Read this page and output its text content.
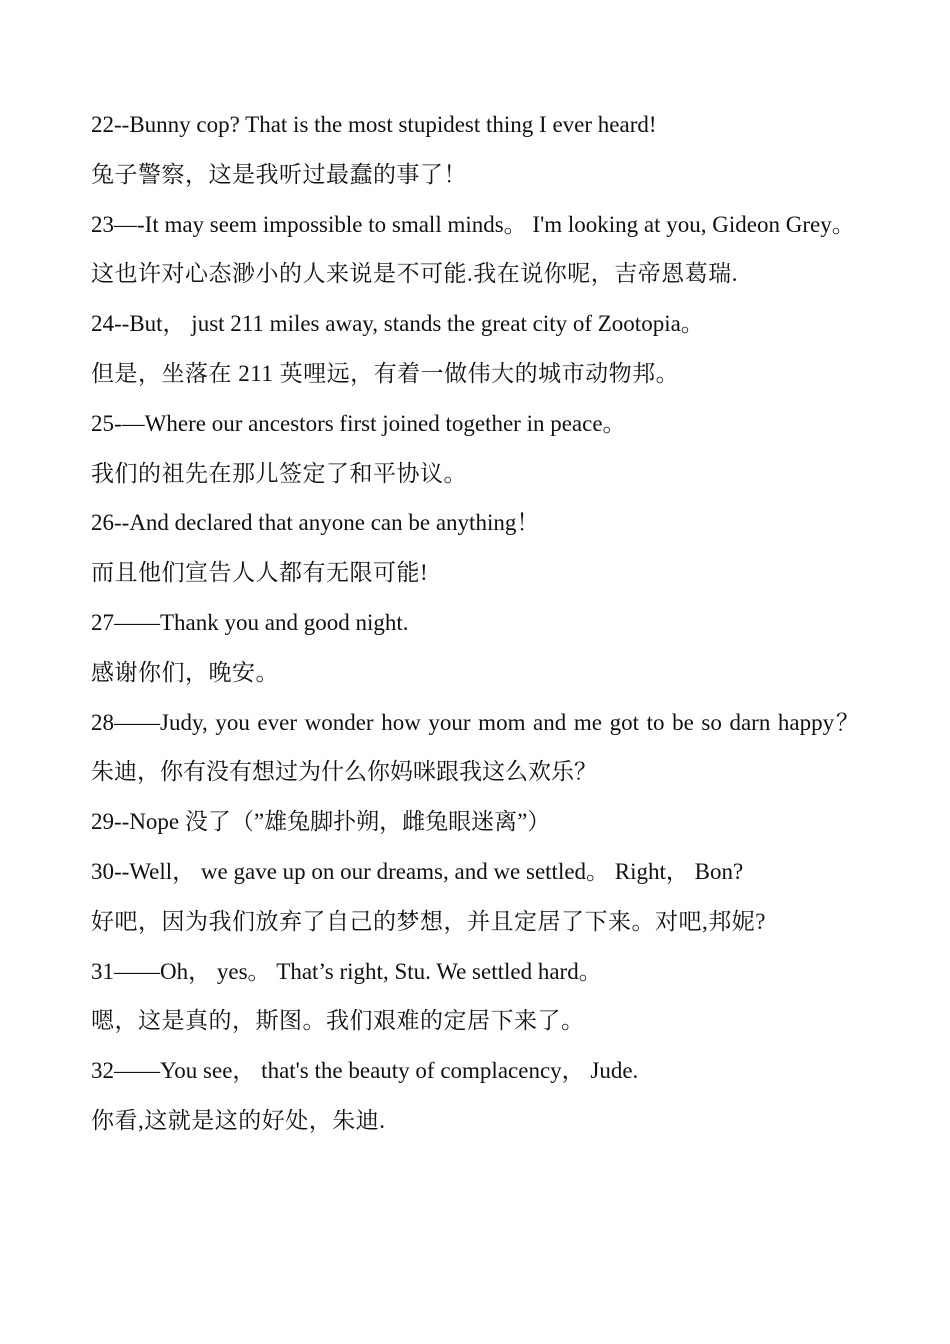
22--Bunny cop? That is the most stupidest thing I ever heard!

兔子警察，这是我听过最蠢的事了！

23—-It may seem impossible to small minds。 I'm looking at you, Gideon Grey。

这也许对心态渺小的人来说是不可能.我在说你呢，吉帝恩葛瑞.

24--But， just 211 miles away, stands the great city of Zootopia。

但是，坐落在 211 英哩远，有着一做伟大的城市动物邦。

25-—Where our ancestors first joined together in peace。

我们的祖先在那儿签定了和平协议。

26--And declared that anyone can be anything！

而且他们宣告人人都有无限可能!

27——Thank you and good night.

感谢你们，晚安。

28——Judy, you ever wonder how your mom and me got to be so darn happy？ 朱迪，你有没有想过为什么你妈咪跟我这么欢乐？

29--Nope 没了（”雄兔脚扑朔，雌兔眼迷离”）

30--Well， we gave up on our dreams, and we settled。 Right， Bon?

好吧，因为我们放弃了自己的梦想，并且定居了下来。对吧,邦妮?

31——Oh， yes。 That’s right, Stu. We settled hard。

嗯，这是真的，斯图。我们艰难的定居下来了。

32——You see， that's the beauty of complacency， Jude.

你看,这就是这的好处，朱迪.
